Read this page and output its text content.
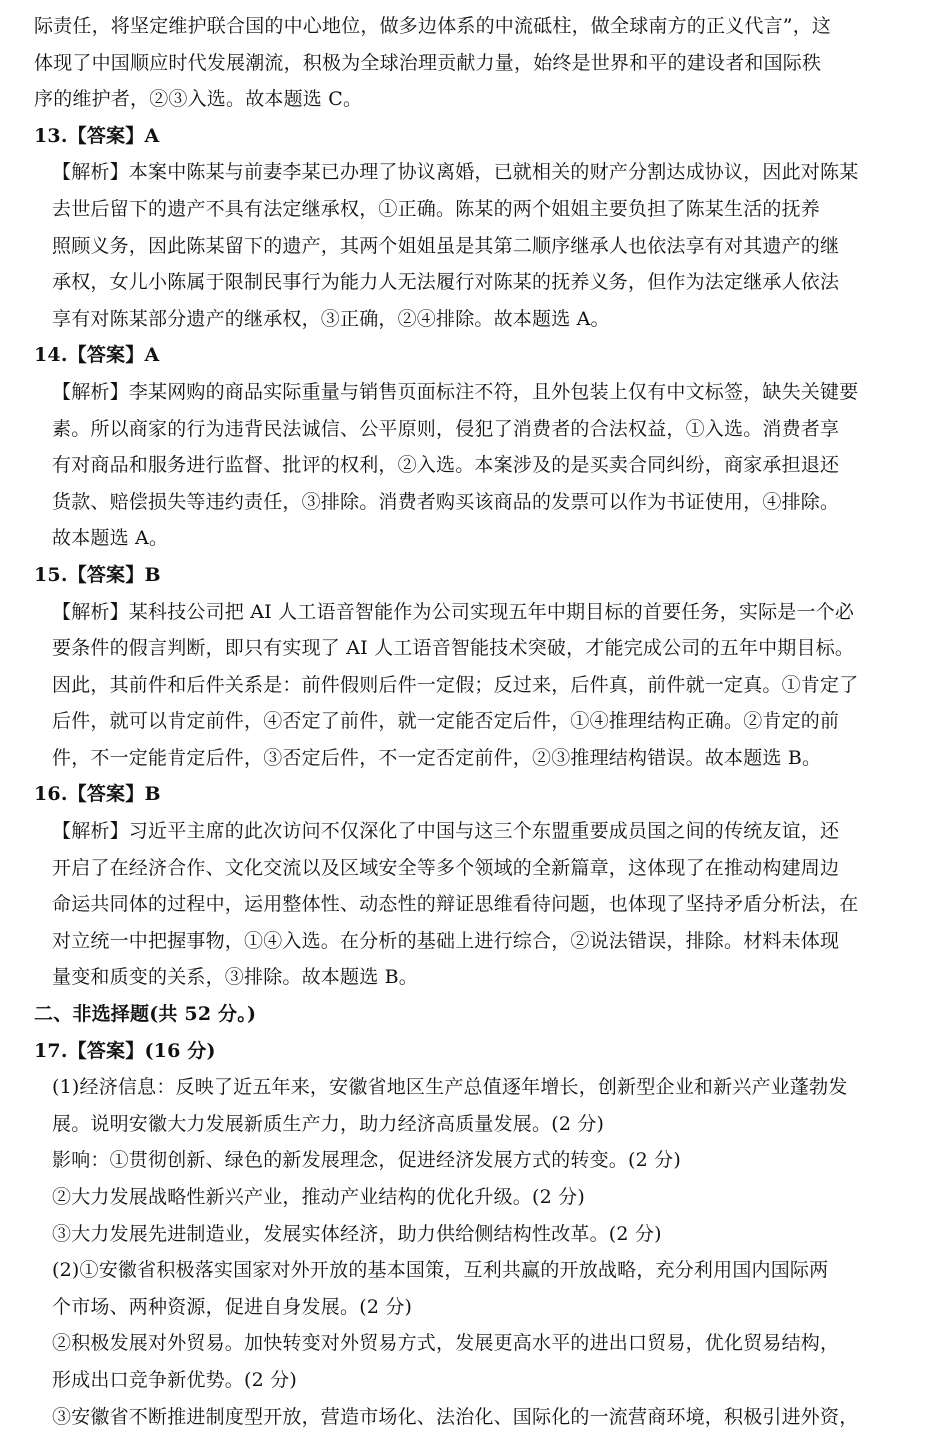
际责任，将坚定维护联合国的中心地位，做多边体系的中流砥柱，做全球南方的正义代言”，这
体现了中国顺应时代发展潮流，积极为全球治理贡献力量，始终是世界和平的建设者和国际秩
序的维护者，②③入选。故本题选 C。
13.【答案】A
【解析】本案中陈某与前妻李某已办理了协议离婚，已就相关的财产分割达成协议，因此对陈某
去世后留下的遗产不具有法定继承权，①正确。陈某的两个姐姐主要负担了陈某生活的抚养
照顾义务，因此陈某留下的遗产，其两个姐姐虽是其第二顺序继承人也依法享有对其遗产的继
承权，女儿小陈属于限制民事行为能力人无法履行对陈某的抚养义务，但作为法定继承人依法
享有对陈某部分遗产的继承权，③正确，②④排除。故本题选 A。
14.【答案】A
【解析】李某网购的商品实际重量与销售页面标注不符，且外包装上仅有中文标签，缺失关键要
素。所以商家的行为违背民法诚信、公平原则，侵犯了消费者的合法权益，①入选。消费者享
有对商品和服务进行监督、批评的权利，②入选。本案涉及的是买卖合同纠纷，商家承担退还
货款、赔偿损失等违约责任，③排除。消费者购买该商品的发票可以作为书证使用，④排除。
故本题选 A。
15.【答案】B
【解析】某科技公司把 AI 人工语音智能作为公司实现五年中期目标的首要任务，实际是一个必
要条件的假言判断，即只有实现了 AI 人工语音智能技术突破，才能完成公司的五年中期目标。
因此，其前件和后件关系是：前件假则后件一定假；反过来，后件真，前件就一定真。①肯定了
后件，就可以肯定前件，④否定了前件，就一定能否定后件，①④推理结构正确。②肯定的前
件，不一定能肯定后件，③否定后件，不一定否定前件，②③推理结构错误。故本题选 B。
16.【答案】B
【解析】习近平主席的此次访问不仅深化了中国与这三个东盟重要成员国之间的传统友谊，还
开启了在经济合作、文化交流以及区域安全等多个领域的全新篇章，这体现了在推动构建周边
命运共同体的过程中，运用整体性、动态性的辩证思维看待问题，也体现了坚持矛盾分析法，在
对立统一中把握事物，①④入选。在分析的基础上进行综合，②说法错误，排除。材料未体现
量变和质变的关系，③排除。故本题选 B。
二、非选择题(共 52 分。)
17.【答案】(16 分)
(1)经济信息：反映了近五年来，安徽省地区生产总值逐年增长，创新型企业和新兴产业蓬勃发
展。说明安徽大力发展新质生产力，助力经济高质量发展。(2 分)
影响：①贯彻创新、绿色的新发展理念，促进经济发展方式的转变。(2 分)
②大力发展战略性新兴产业，推动产业结构的优化升级。(2 分)
③大力发展先进制造业，发展实体经济，助力供给侧结构性改革。(2 分)
(2)①安徽省积极落实国家对外开放的基本国策，互利共赢的开放战略，充分利用国内国际两
个市场、两种资源，促进自身发展。(2 分)
②积极发展对外贸易。加快转变对外贸易方式，发展更高水平的进出口贸易，优化贸易结构，
形成出口竞争新优势。(2 分)
③安徽省不断推进制度型开放，营造市场化、法治化、国际化的一流营商环境，积极引进外资，
